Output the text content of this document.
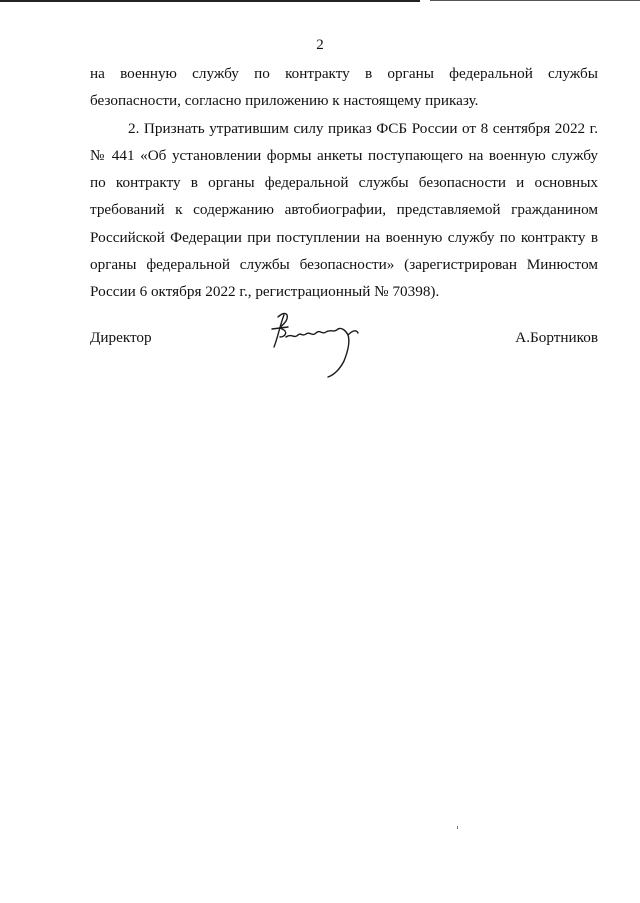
2

на военную службу по контракту в органы федеральной службы безопасности, согласно приложению к настоящему приказу.

2. Признать утратившим силу приказ ФСБ России от 8 сентября 2022 г. № 441 «Об установлении формы анкеты поступающего на военную службу по контракту в органы федеральной службы безопасности и основных требований к содержанию автобиографии, представляемой гражданином Российской Федерации при поступлении на военную службу по контракту в органы федеральной службы безопасности» (зарегистрирован Минюстом России 6 октября 2022 г., регистрационный № 70398).

Директор	А.Бортников
